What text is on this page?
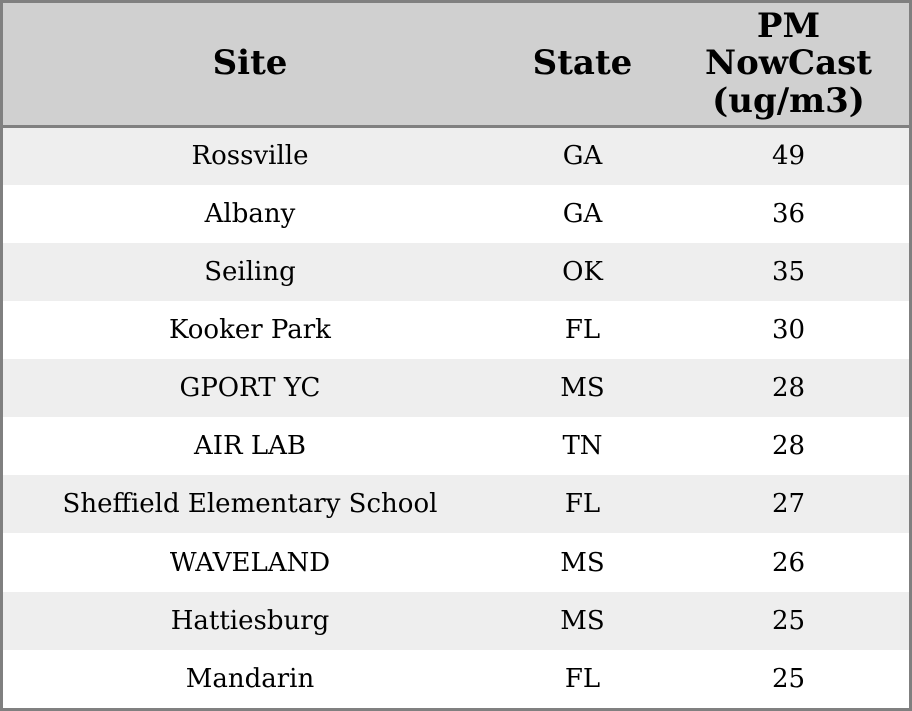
Site	State	PM NowCast (ug/m3)

Rossville	GA	49
Albany	GA	36
Seiling	OK	35
Kooker Park	FL	30
GPORT YC	MS	28
AIR LAB	TN	28
Sheffield Elementary School	FL	27
WAVELAND	MS	26
Hattiesburg	MS	25
Mandarin	FL	25
